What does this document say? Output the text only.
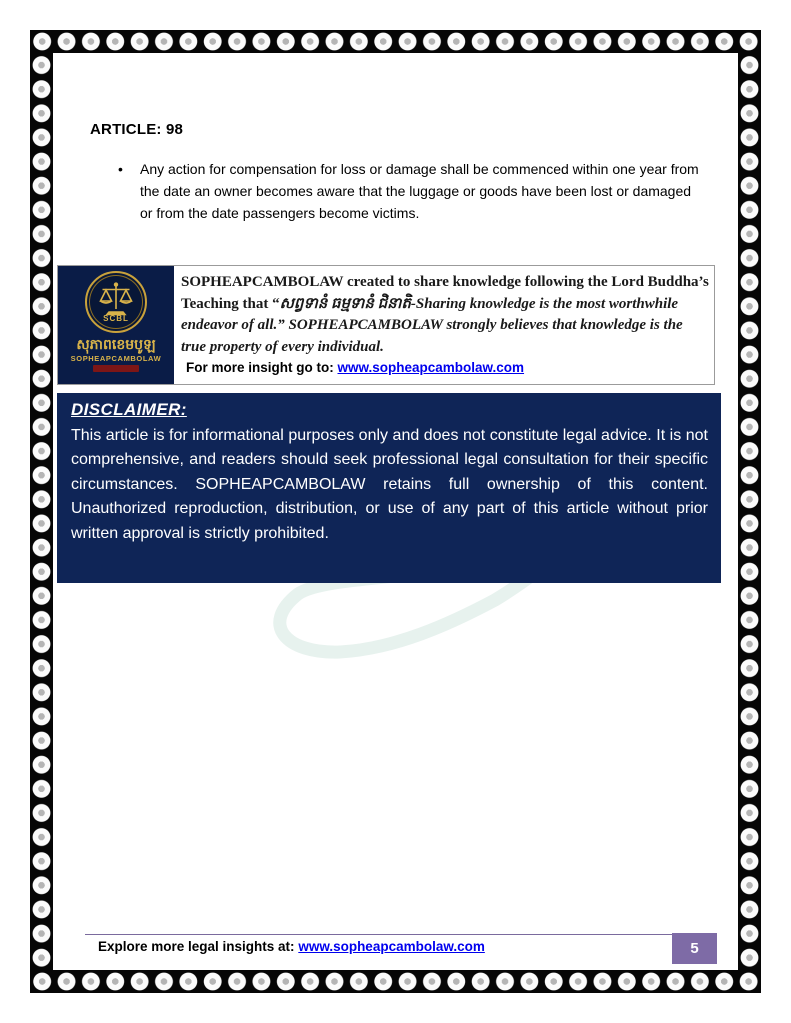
ARTICLE: 98
•	Any action for compensation for loss or damage shall be commenced within one year from the date an owner becomes aware that the luggage or goods have been lost or damaged or from the date passengers become victims.
SCBL
សុភាពខេមបូឡ
SOPHEAPCAMBOLAW
SOPHEAPCAMBOLAW created to share knowledge following the Lord Buddha’s Teaching that “សព្វទានំ ធម្មទានំ ជិនាតិ-Sharing knowledge is the most worthwhile endeavor of all.” SOPHEAPCAMBOLAW strongly believes that knowledge is the true property of every individual.
For more insight go to: www.sopheapcambolaw.com
DISCLAIMER:
This article is for informational purposes only and does not constitute legal advice. It is not comprehensive, and readers should seek professional legal consultation for their specific circumstances. SOPHEAPCAMBOLAW retains full ownership of this content. Unauthorized reproduction, distribution, or use of any part of this article without prior written approval is strictly prohibited.
Explore more legal insights at: www.sopheapcambolaw.com	5
